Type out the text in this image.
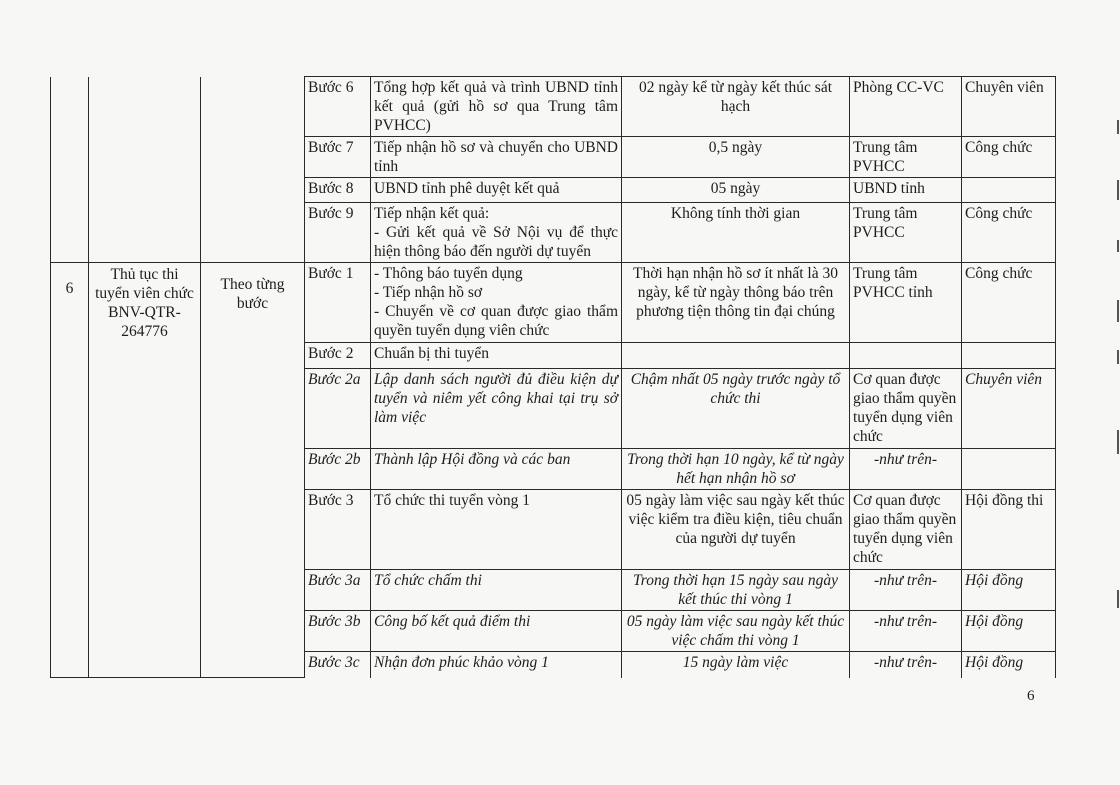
			Bước 6	Tổng hợp kết quả và trình UBND tỉnh kết quả (gửi hồ sơ qua Trung tâm PVHCC)	02 ngày kể từ ngày kết thúc sát hạch	Phòng CC-VC	Chuyên viên
			Bước 7	Tiếp nhận hồ sơ và chuyển cho UBND tỉnh	0,5 ngày	Trung tâm PVHCC	Công chức
			Bước 8	UBND tỉnh phê duyệt kết quả	05 ngày	UBND tỉnh	
			Bước 9	Tiếp nhận kết quả:
- Gửi kết quả về Sở Nội vụ để thực hiện thông báo đến người dự tuyển	Không tính thời gian	Trung tâm PVHCC	Công chức
6	Thủ tục thi tuyển viên chức BNV-QTR-264776	Theo từng bước	Bước 1	- Thông báo tuyển dụng
- Tiếp nhận hồ sơ
- Chuyển về cơ quan được giao thẩm quyền tuyển dụng viên chức	Thời hạn nhận hồ sơ ít nhất là 30 ngày, kể từ ngày thông báo trên phương tiện thông tin đại chúng	Trung tâm PVHCC tỉnh	Công chức
			Bước 2	Chuẩn bị thi tuyển			
			Bước 2a	Lập danh sách người đủ điều kiện dự tuyển và niêm yết công khai tại trụ sở làm việc	Chậm nhất 05 ngày trước ngày tổ chức thi	Cơ quan được giao thẩm quyền tuyển dụng viên chức	Chuyên viên
			Bước 2b	Thành lập Hội đồng và các ban	Trong thời hạn 10 ngày, kể từ ngày hết hạn nhận hồ sơ	-như trên-	
			Bước 3	Tổ chức thi tuyển vòng 1	05 ngày làm việc sau ngày kết thúc việc kiểm tra điều kiện, tiêu chuẩn của người dự tuyển	Cơ quan được giao thẩm quyền tuyển dụng viên chức	Hội đồng thi
			Bước 3a	Tổ chức chấm thi	Trong thời hạn 15 ngày sau ngày kết thúc thi vòng 1	-như trên-	Hội đồng
			Bước 3b	Công bố kết quả điểm thi	05 ngày làm việc sau ngày kết thúc việc chấm thi vòng 1	-như trên-	Hội đồng
			Bước 3c	Nhận đơn phúc khảo vòng 1	15 ngày làm việc	-như trên-	Hội đồng
6
